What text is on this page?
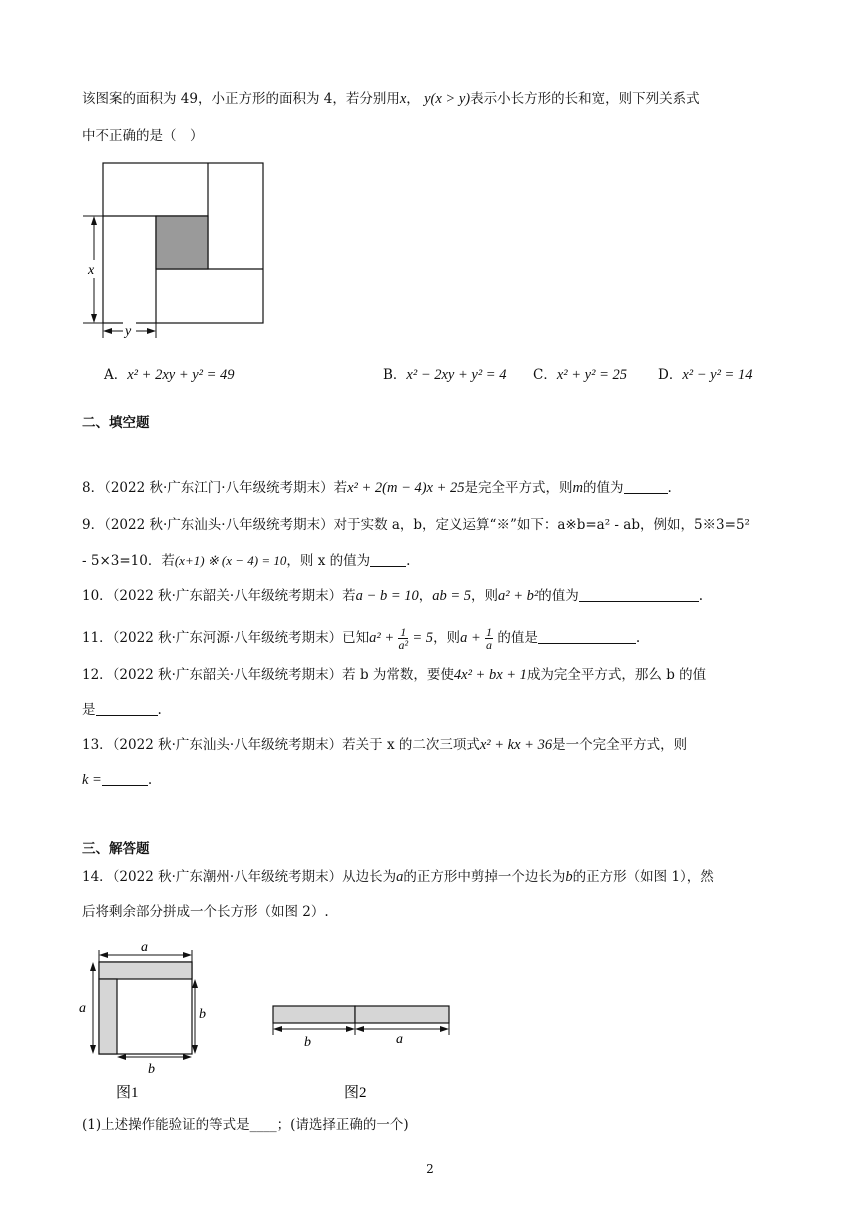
该图案的面积为 49，小正方形的面积为 4，若分别用x， y(x > y)表示小长方形的长和宽，则下列关系式
中不正确的是（　）
x
y
A．x² + 2xy + y² = 49	B．x² − 2xy + y² = 4 C．x² + y² = 25 D．x² − y² = 14
二、填空题
8．（2022 秋·广东江门·八年级统考期末）若x² + 2(m − 4)x + 25是完全平方式，则m的值为	.
9．（2022 秋·广东汕头·八年级统考期末）对于实数 a，b，定义运算“※”如下：a※b=a² - ab，例如，5※3=5²
- 5×3=10．若(x+1) ※ (x − 4) = 10，则 x 的值为	.
10．（2022 秋·广东韶关·八年级统考期末）若a − b = 10，ab = 5，则a² + b²的值为	.
11．（2022 秋·广东河源·八年级统考期末）已知$a^2 + \frac{1}{\text{a²}} = 5$，则$a + \frac{1}{a}$ 的值是	.
12．（2022 秋·广东韶关·八年级统考期末）若 b 为常数，要使4x² + bx + 1成为完全平方式，那么 b 的值
是	.
13．（2022 秋·广东汕头·八年级统考期末）若关于 x 的二次三项式x² + kx + 36是一个完全平方式，则
k =	.
三、解答题
14．（2022 秋·广东潮州·八年级统考期末）从边长为a的正方形中剪掉一个边长为b的正方形（如图 1），然
后将剩余部分拼成一个长方形（如图 2）.
a
a	b
b
图1
b	a
图2
(1)上述操作能验证的等式是____；(请选择正确的一个)
2
